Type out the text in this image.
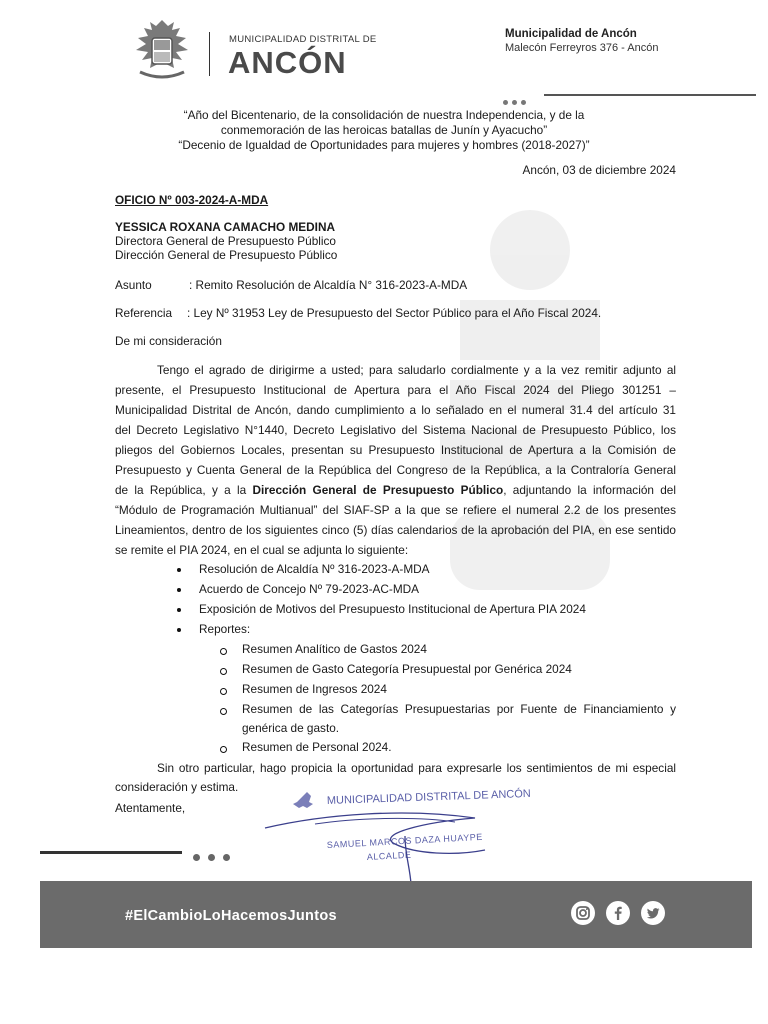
MUNICIPALIDAD DISTRITAL DE
ANCÓN
Municipalidad de Ancón
Malecón Ferreyros 376 - Ancón
“Año del Bicentenario, de la consolidación de nuestra Independencia, y de la
conmemoración de las heroicas batallas de Junín y Ayacucho”
“Decenio de Igualdad de Oportunidades para mujeres y hombres (2018-2027)”
Ancón, 03 de diciembre 2024
OFICIO Nº 003-2024-A-MDA
YESSICA ROXANA CAMACHO MEDINA
Directora General de Presupuesto Público
Dirección General de Presupuesto Público
Asunto	: Remito Resolución de Alcaldía N° 316-2023-A-MDA
Referencia : Ley Nº 31953 Ley de Presupuesto del Sector Público para el Año Fiscal 2024.
De mi consideración
Tengo el agrado de dirigirme a usted; para saludarlo cordialmente y a la vez remitir adjunto al
presente, el Presupuesto Institucional de Apertura para el Año Fiscal 2024 del Pliego 301251 –
Municipalidad Distrital de Ancón, dando cumplimiento a lo señalado en el numeral 31.4 del artículo 31
del Decreto Legislativo N°1440, Decreto Legislativo del Sistema Nacional de Presupuesto Público, los
pliegos del Gobiernos Locales, presentan su Presupuesto Institucional de Apertura a la Comisión de
Presupuesto y Cuenta General de la República del Congreso de la República, a la Contraloría General
de la República, y a la Dirección General de Presupuesto Público, adjuntando la información del
“Módulo de Programación Multianual” del SIAF-SP a la que se refiere el numeral 2.2 de los presentes
Lineamientos, dentro de los siguientes cinco (5) días calendarios de la aprobación del PIA, en ese sentido
se remite el PIA 2024, en el cual se adjunta lo siguiente:
Resolución de Alcaldía Nº 316-2023-A-MDA
Acuerdo de Concejo Nº 79-2023-AC-MDA
Exposición de Motivos del Presupuesto Institucional de Apertura PIA 2024
Reportes:
Resumen Analítico de Gastos 2024
Resumen de Gasto Categoría Presupuestal por Genérica 2024
Resumen de Ingresos 2024
Resumen de las Categorías Presupuestarias por Fuente de Financiamiento y
genérica de gasto.
Resumen de Personal 2024.
Sin otro particular, hago propicia la oportunidad para expresarle los sentimientos de mi especial
consideración y estima.
Atentamente,
MUNICIPALIDAD DISTRITAL DE ANCÓN
SAMUEL MARCOS DAZA HUAYPE
ALCALDE
#ElCambioLoHacemosJuntos
